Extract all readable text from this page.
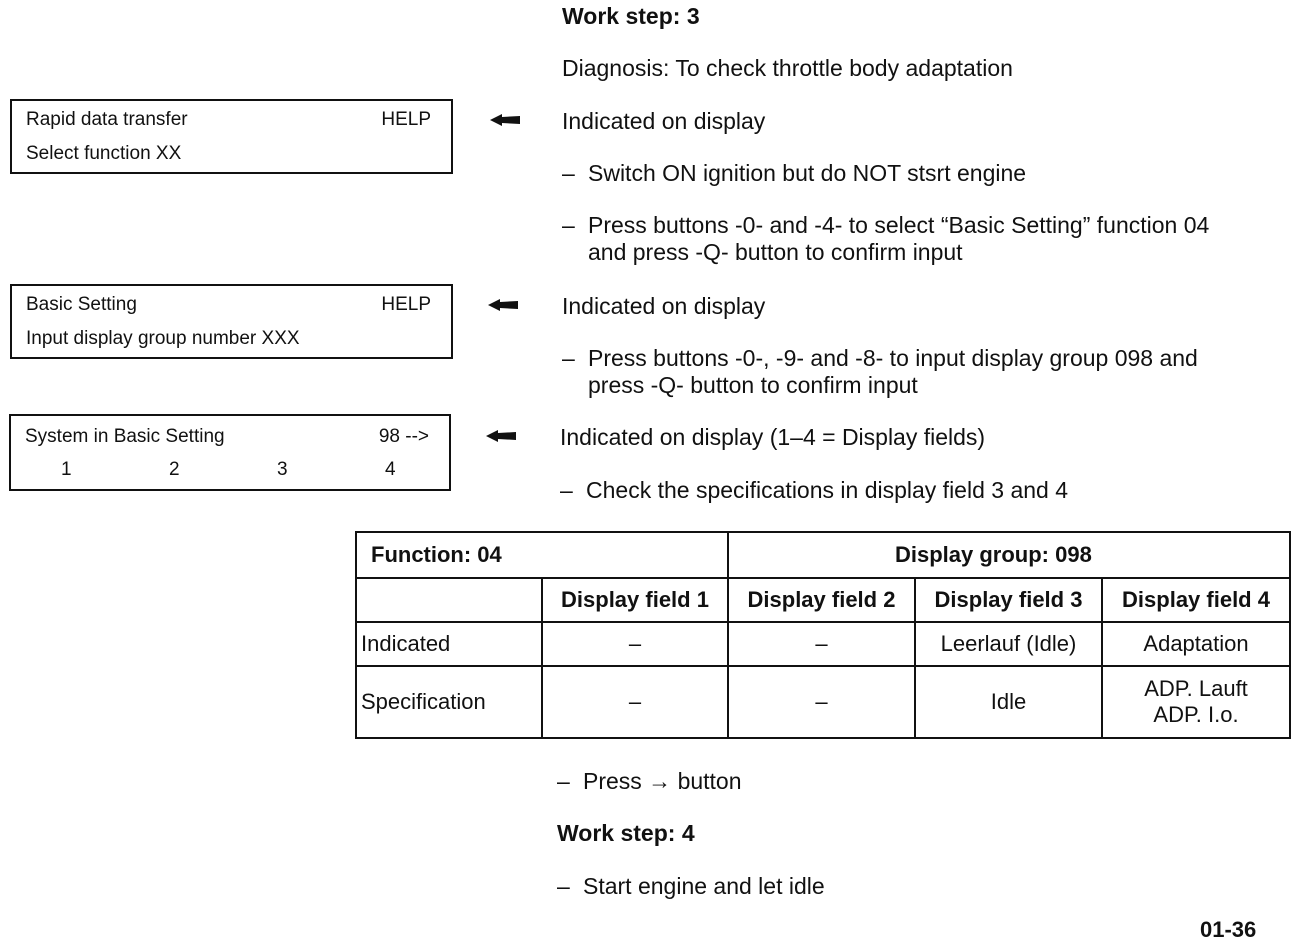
Work step: 3
Diagnosis: To check throttle body adaptation
Rapid data transfer	HELP
Select function XX
Basic Setting	HELP
Input display group number XXX
System in Basic Setting	98 -->
1	2	3	4
Indicated on display
– Switch ON ignition but do NOT stsrt engine
– Press buttons -0- and -4- to select “Basic Setting” function 04
and press -Q- button to confirm input
Indicated on display
– Press buttons -0-, -9- and -8- to input display group 098 and
press -Q- button to confirm input
Indicated on display (1–4 = Display fields)
– Check the specifications in display field 3 and 4
Function: 04		Display group: 098		
	Display field 1	Display field 2	Display field 3	Display field 4
Indicated	–	–	Leerlauf (Idle)	Adaptation
Specification	–	–	Idle	ADP. Lauft
ADP. I.o.
– Press → button
Work step: 4
– Start engine and let idle
01-36
